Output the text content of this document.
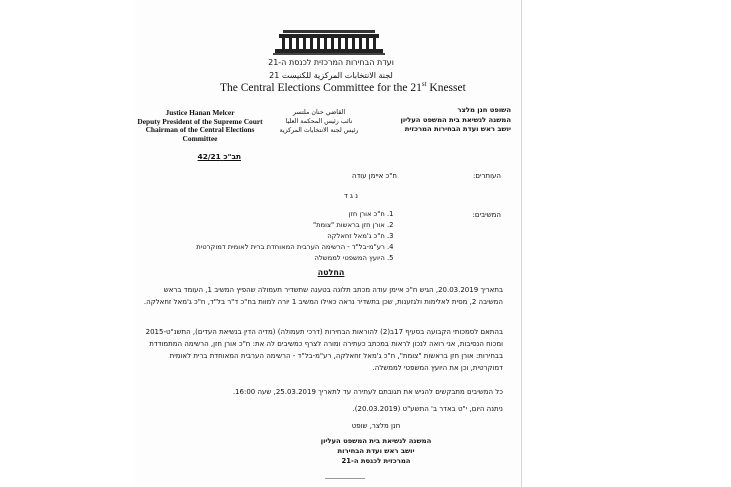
ועדת הבחירות המרכזית לכנסת ה-21
لجنة الانتخابات المركزية للكنيست 21
The Central Elections Committee for the 21st Knesset
Justice Hanan Melcer
Deputy President of the Supreme Court
Chairman of the Central Elections
Committee
القاضي حنان ملتسر
نائب رئيس المحكمة العليا
رئيس لجنة الانتخابات المركزية
השופט חנן מלצר
המשנה לנשיאת בית המשפט העליון
יושב ראש ועדת הבחירות המרכזית
תב"כ 42/21
העותרים:
ח"כ איימן עודה
נ ג ד
המשיבים:
1. ח"כ אורן חזן
2. אורן חזן בראשות "צומת"
3. ח"כ ג'מאל זחאלקה
4. רע"מ-בל"ד - הרשימה הערבית המאוחדת ברית לאומית דמוקרטית
5. היועץ המשפטי לממשלה
החלטה
בתאריך 20.03.2019, הגיש ח"כ איימן עודה מכתב תלונה בטענה שתשדיר תעמולה שהפיץ המשיב 1, העומד בראש המשיבה 2, מסית לאלימות ולגזענות, שכן בתשדיר נראה כאילו המשיב 1 יורה למוות בח"כ ד"ר בל"ד, ח"כ ג'מאל זחאלקה.
בהתאם לסמכותי הקבועה בסעיף 17ב(2) להוראות הבחירות (דרכי תעמולה) (מדיה הדין בנשיאת העדים), התשנ"ט-2015 ומכוח הנסיבות, אני רואה לנכון לראות במכתב כעתירה ומורה לצרף כמשיבים לה את: ח"כ אורן חזן, הרשימה המתמודדת בבחירות: אורן חזן בראשות "צומת", ח"כ ג'מאל זחאלקה, רע"מ-בל"ד - הרשימה הערבית המאוחדת ברית לאומית דמוקרטית, וכן את היועץ המשפטי לממשלה.
כל המשיבים מתבקשים להגיש את תגובתם לעתירה עד לתאריך 25.03.2019, שעה 16:00.
ניתנה היום, י"ט באדר ב' התשע"ט (20.03.2019).
חנן מלצר, שופט
המשנה לנשיאת בית המשפט העליון
יושב ראש ועדת הבחירות
המרכזית לכנסת ה-21
